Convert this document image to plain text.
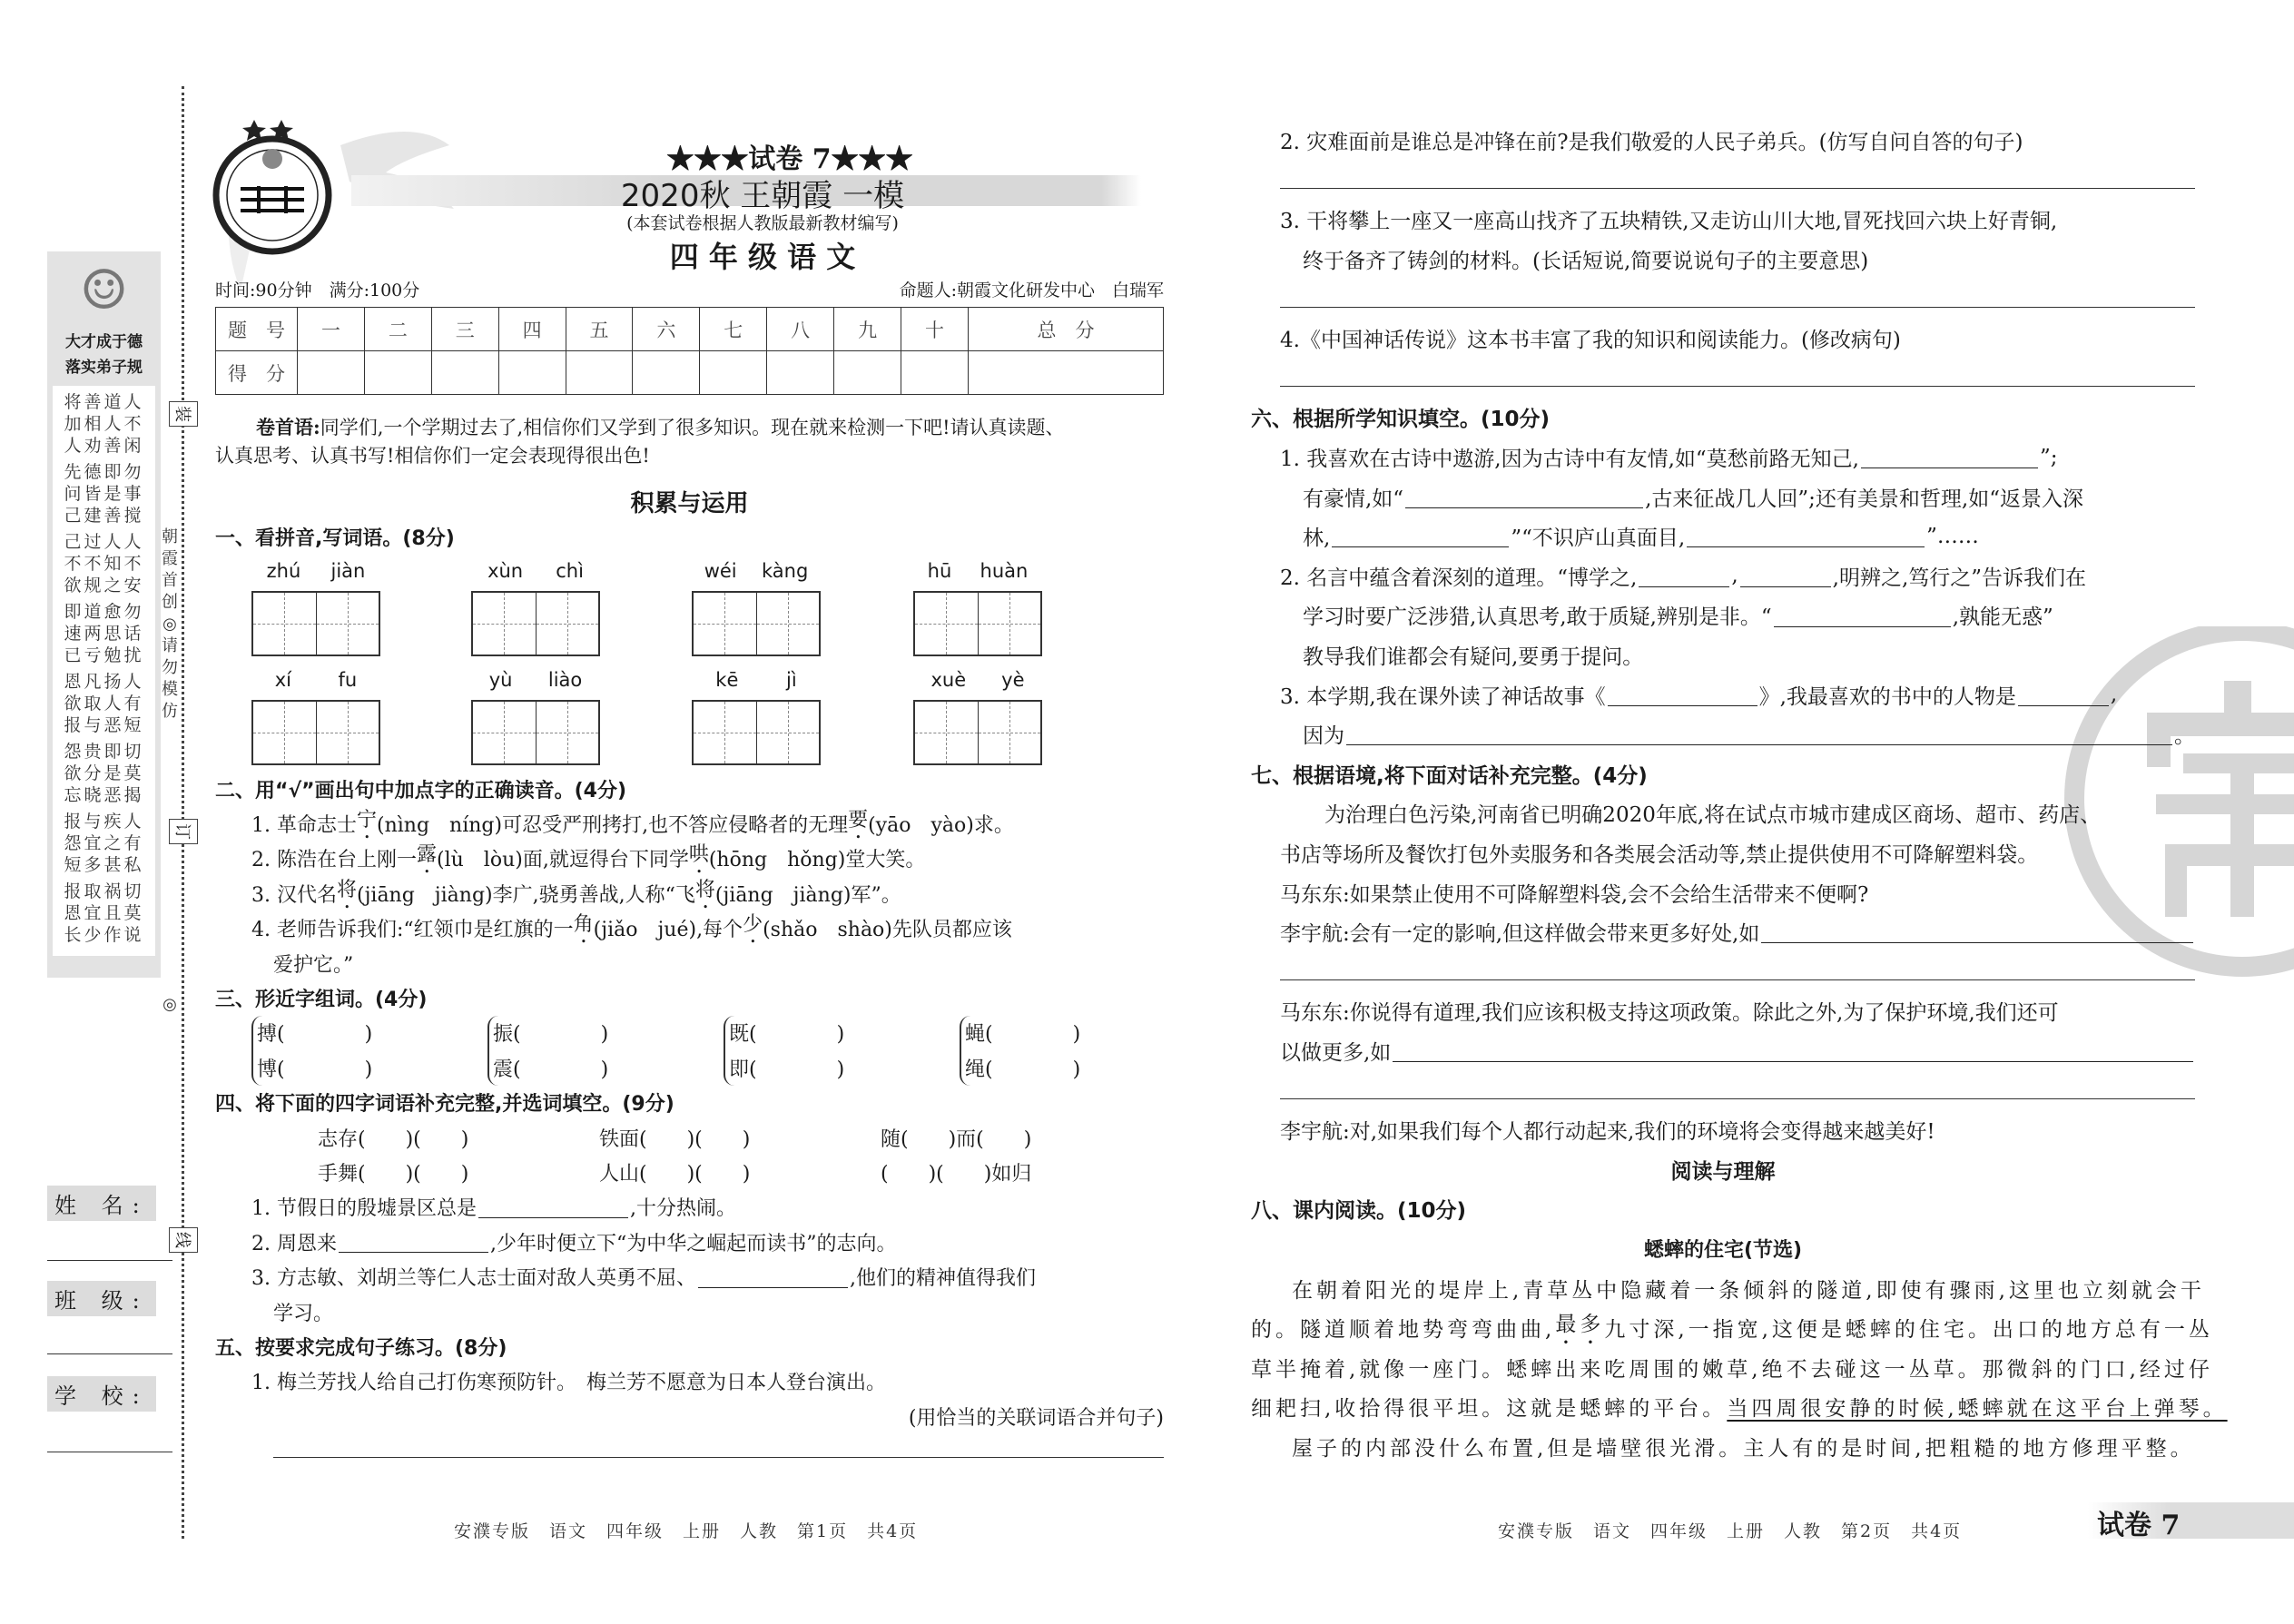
装
订
线
朝
霞
首
创
◎
请
勿
模
仿
◎
☺
大才成于德
落实弟子规
将善道人
加相人不
人劝善闲
先德即勿
问皆是事
己建善搅
己过人人
不不知不
欲规之安
即道愈勿
速两思话
已亏勉扰
恩凡扬人
欲取人有
报与恶短
怨贵即切
欲分是莫
忘晓恶揭
报与疾人
怨宜之有
短多甚私
报取祸切
恩宜且莫
长少作说
姓 名:
班 级:
学 校:
★★★试卷 7★★★
2020秋 王朝霞 一模
(本套试卷根据人教版最新教材编写)
四 年 级 语 文
时间:90分钟　满分:100分	命题人:朝霞文化研发中心　白瑞军
题　号	一	二	三	四	五	六	七	八	九	十	总　分
得　分											
卷首语:同学们,一个学期过去了,相信你们又学到了很多知识。现在就来检测一下吧!请认真读题、
认真思考、认真书写!相信你们一定会表现得很出色!
积累与运用
一、看拼音,写词语。(8分)
zhú jiàn	xùn chì	wéi kàng	hū huàn
xí fu	yù liào	kē	jì	xuè yè
二、用“√”画出句中加点字的正确读音。(4分)
1. 革命志士 宁 (nìng　níng)可忍受严刑拷打,也不答应侵略者的无理 要 (yāo　yào)求。
2. 陈浩在台上刚一 露 (lù　lòu)面,就逗得台下同学 哄 (hōng　hǒng)堂大笑。
3. 汉代名 将 (jiāng　jiàng)李广,骁勇善战,人称“飞 将 (jiāng　jiàng)军”。
4. 老师告诉我们:“红领巾是红旗的一 角 (jiǎo　jué),每个 少 (shǎo　shào)先队员都应该
爱护它。”
三、形近字组词。(4分)
搏(　　　　)
博(　　　　)
振(　　　　)
震(　　　　)
既(　　　　)
即(　　　　)
蝇(　　　　)
绳(　　　　)
四、将下面的四字词语补充完整,并选词填空。(9分)
志存(　　)(　　)	铁面(　　)(　　)	随(　　)而(　　)
手舞(　　)(　　)	人山(　　)(　　)	(　　)(　　)如归
1. 节假日的殷墟景区总是	,十分热闹。
2. 周恩来	,少年时便立下“为中华之崛起而读书”的志向。
3. 方志敏、刘胡兰等仁人志士面对敌人英勇不屈、	,他们的精神值得我们
学习。
五、按要求完成句子练习。(8分)
1. 梅兰芳找人给自己打伤寒预防针。　梅兰芳不愿意为日本人登台演出。
(用恰当的关联词语合并句子)
安濮专版　语文　四年级　上册　人教　第1页　共4页
2. 灾难面前是谁总是冲锋在前?是我们敬爱的人民子弟兵。(仿写自问自答的句子)
3. 干将攀上一座又一座高山找齐了五块精铁,又走访山川大地,冒死找回六块上好青铜,
终于备齐了铸剑的材料。(长话短说,简要说说句子的主要意思)
4.《中国神话传说》这本书丰富了我的知识和阅读能力。(修改病句)
六、根据所学知识填空。(10分)
1. 我喜欢在古诗中遨游,因为古诗中有友情,如“莫愁前路无知己,	”;
有豪情,如“	,古来征战几人回”;还有美景和哲理,如“返景入深
林,	”“不识庐山真面目,	”……
2. 名言中蕴含着深刻的道理。“博学之,	,	,明辨之,笃行之”告诉我们在
学习时要广泛涉猎,认真思考,敢于质疑,辨别是非。“	,孰能无惑”
教导我们谁都会有疑问,要勇于提问。
3. 本学期,我在课外读了神话故事《	》,我最喜欢的书中的人物是	,
因为	。
七、根据语境,将下面对话补充完整。(4分)
为治理白色污染,河南省已明确2020年底,将在试点市城市建成区商场、超市、药店、
书店等场所及餐饮打包外卖服务和各类展会活动等,禁止提供使用不可降解塑料袋。
马东东:如果禁止使用不可降解塑料袋,会不会给生活带来不便啊?
李宇航:会有一定的影响,但这样做会带来更多好处,如
马东东:你说得有道理,我们应该积极支持这项政策。除此之外,为了保护环境,我们还可
以做更多,如
李宇航:对,如果我们每个人都行动起来,我们的环境将会变得越来越美好!
阅读与理解
八、课内阅读。(10分)
蟋蟀的住宅(节选)
在朝着阳光的堤岸上,青草丛中隐藏着一条倾斜的隧道,即使有骤雨,这里也立刻就会干
的。隧道顺着地势弯弯曲曲, 最多 九寸深,一指宽,这便是蟋蟀的住宅。出口的地方总有一丛
草半掩着,就像一座门。蟋蟀出来吃周围的嫩草,绝不去碰这一丛草。那微斜的门口,经过仔
细耙扫,收拾得很平坦。这就是蟋蟀的平台。 当四周很安静的时候,蟋蟀就在这平台上弹琴。
屋子的内部没什么布置,但是墙壁很光滑。主人有的是时间,把粗糙的地方修理平整。
安濮专版　语文　四年级　上册　人教　第2页　共4页	试卷 7
